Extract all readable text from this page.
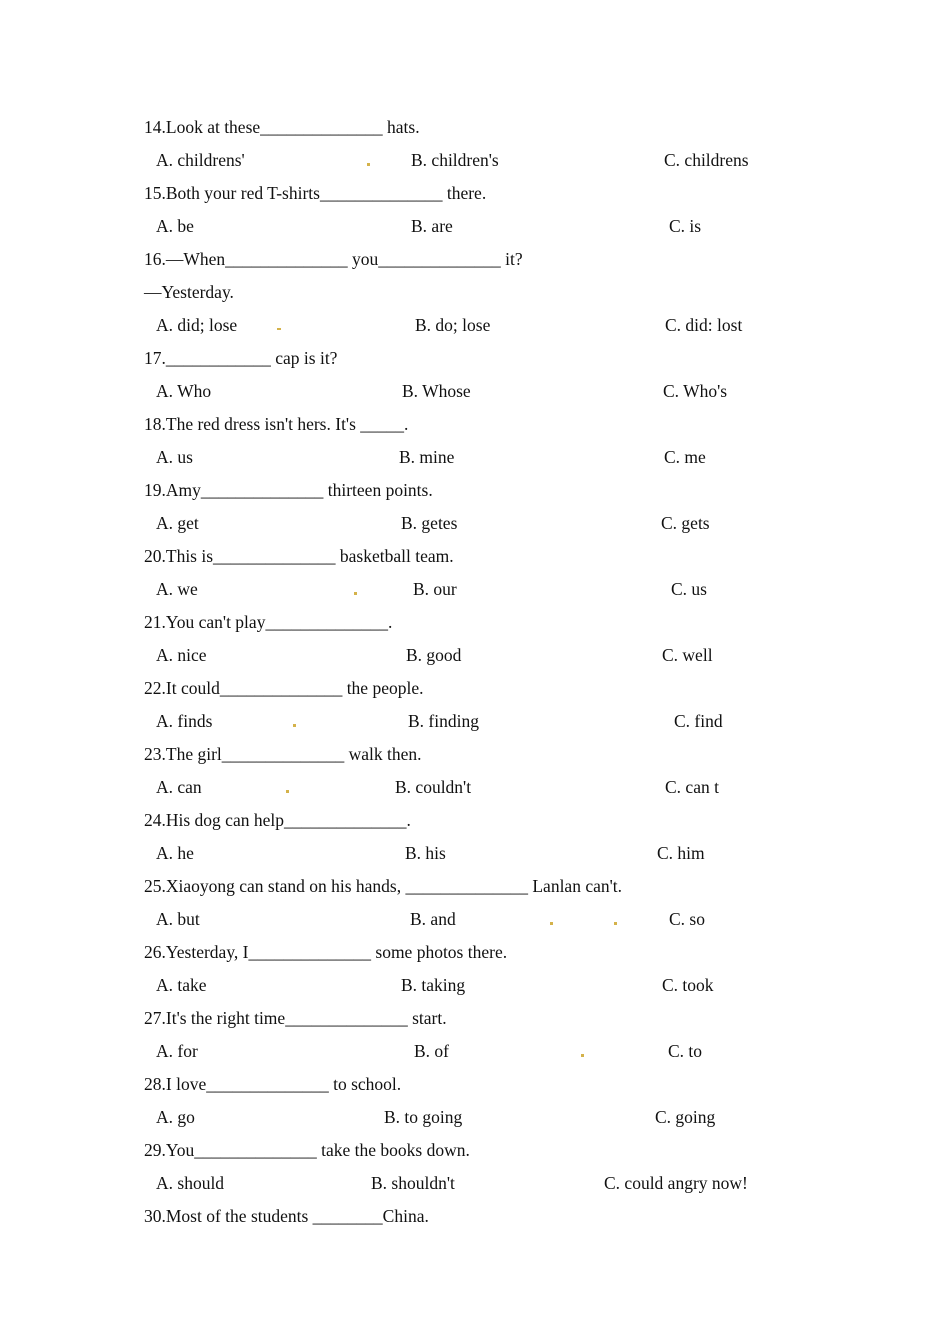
14.Look at these______________ hats.
A. childrens'	B. children's	C. childrens
15.Both your red T-shirts______________ there.
A. be	B. are	C. is
16.—When______________ you______________ it?
—Yesterday.
A. did; lose	B. do; lose	C. did: lost
17.____________ cap is it?
A. Who	B. Whose	C. Who's
18.The red dress isn't hers. It's _____.
A. us	B. mine	C. me
19.Amy______________ thirteen points.
A. get	B. getes	C. gets
20.This is______________ basketball team.
A. we	B. our	C. us
21.You can't play______________.
A. nice	B. good	C. well
22.It could______________ the people.
A. finds	B. finding	C. find
23.The girl______________ walk then.
A. can	B. couldn't	C. can t
24.His dog can help______________.
A. he	B. his	C. him
25.Xiaoyong can stand on his hands, ______________ Lanlan can't.
A. but	B. and	C. so
26.Yesterday, I______________ some photos there.
A. take	B. taking	C. took
27.It's the right time______________ start.
A. for	B. of	C. to
28.I love______________ to school.
A. go	B. to going	C. going
29.You______________ take the books down.
A. should	B. shouldn't	C. could angry now!
30.Most of the students ________China.
